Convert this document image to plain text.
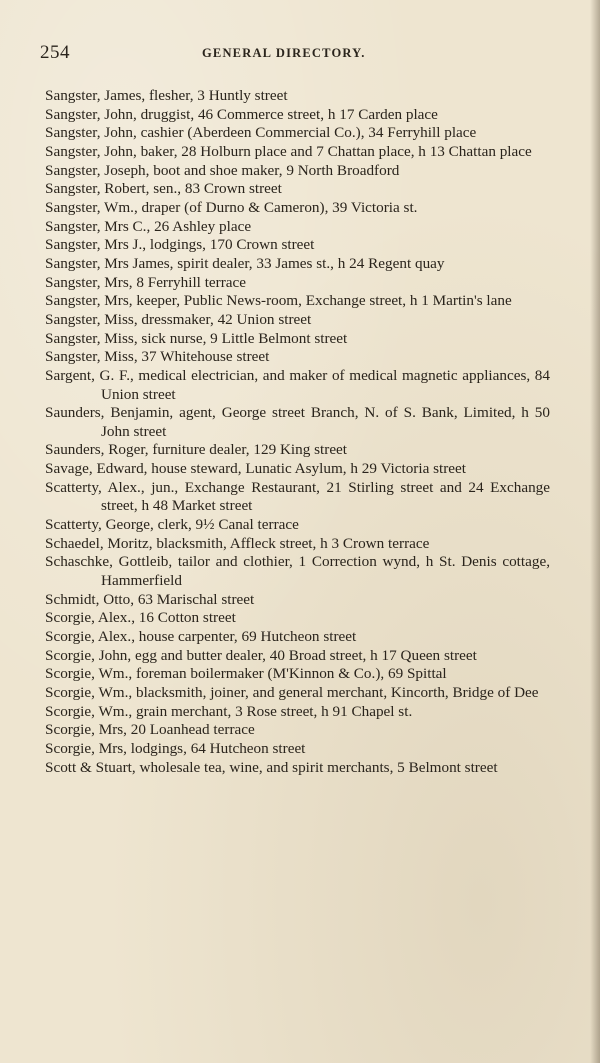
254	GENERAL DIRECTORY.

Sangster, James, flesher, 3 Huntly street

Sangster, John, druggist, 46 Commerce street, h 17 Carden place

Sangster, John, cashier (Aberdeen Commercial Co.), 34 Ferryhill place

Sangster, John, baker, 28 Holburn place and 7 Chattan place, h 13 Chattan place

Sangster, Joseph, boot and shoe maker, 9 North Broadford

Sangster, Robert, sen., 83 Crown street

Sangster, Wm., draper (of Durno & Cameron), 39 Victoria st.

Sangster, Mrs C., 26 Ashley place

Sangster, Mrs J., lodgings, 170 Crown street

Sangster, Mrs James, spirit dealer, 33 James st., h 24 Regent quay

Sangster, Mrs, 8 Ferryhill terrace

Sangster, Mrs, keeper, Public News-room, Exchange street, h 1 Martin's lane

Sangster, Miss, dressmaker, 42 Union street

Sangster, Miss, sick nurse, 9 Little Belmont street

Sangster, Miss, 37 Whitehouse street

Sargent, G. F., medical electrician, and maker of medical magnetic appliances, 84 Union street

Saunders, Benjamin, agent, George street Branch, N. of S. Bank, Limited, h 50 John street

Saunders, Roger, furniture dealer, 129 King street

Savage, Edward, house steward, Lunatic Asylum, h 29 Victoria street

Scatterty, Alex., jun., Exchange Restaurant, 21 Stirling street and 24 Exchange street, h 48 Market street

Scatterty, George, clerk, 9½ Canal terrace

Schaedel, Moritz, blacksmith, Affleck street, h 3 Crown terrace

Schaschke, Gottleib, tailor and clothier, 1 Correction wynd, h St. Denis cottage, Hammerfield

Schmidt, Otto, 63 Marischal street

Scorgie, Alex., 16 Cotton street

Scorgie, Alex., house carpenter, 69 Hutcheon street

Scorgie, John, egg and butter dealer, 40 Broad street, h 17 Queen street

Scorgie, Wm., foreman boilermaker (M'Kinnon & Co.), 69 Spittal

Scorgie, Wm., blacksmith, joiner, and general merchant, Kincorth, Bridge of Dee

Scorgie, Wm., grain merchant, 3 Rose street, h 91 Chapel st.

Scorgie, Mrs, 20 Loanhead terrace

Scorgie, Mrs, lodgings, 64 Hutcheon street

Scott & Stuart, wholesale tea, wine, and spirit merchants, 5 Belmont street
